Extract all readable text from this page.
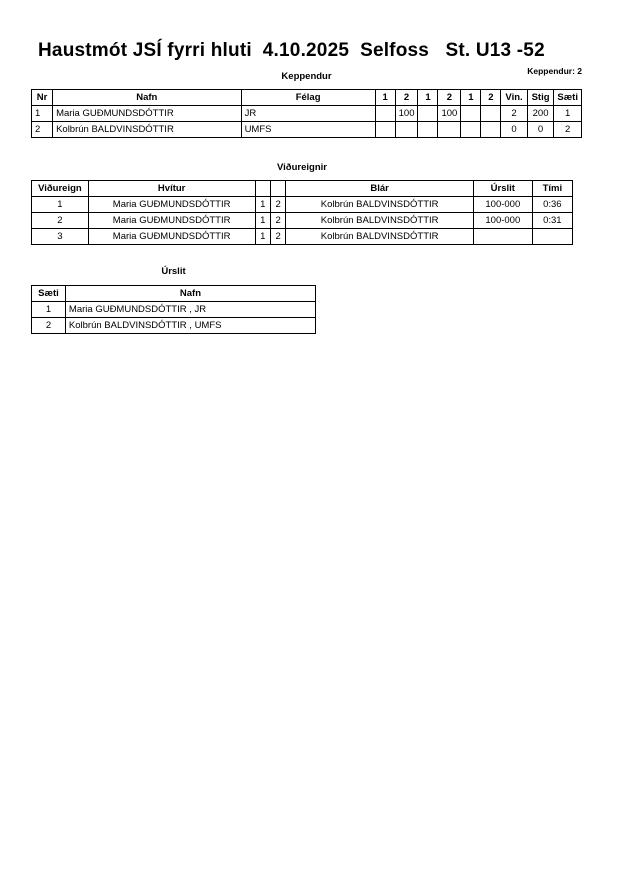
Haustmót JSÍ fyrri hluti  4.10.2025  Selfoss   St. U13 -52
Keppendur: 2
Keppendur
Nr	Nafn	Félag	1	2	1	2	1	2	Vin.	Stig	Sæti
1	Maria GUÐMUNDSDÓTTIR	JR		100		100			2	200	1
2	Kolbrún BALDVINSDÓTTIR	UMFS							0	0	2
Viðureignir
Viðureign	Hvítur			Blár	Úrslit	Tími
1	Maria GUÐMUNDSDÓTTIR	1	2	Kolbrún BALDVINSDÓTTIR	100-000	0:36
2	Maria GUÐMUNDSDÓTTIR	1	2	Kolbrún BALDVINSDÓTTIR	100-000	0:31
3	Maria GUÐMUNDSDÓTTIR	1	2	Kolbrún BALDVINSDÓTTIR		
Úrslit
Sæti	Nafn
1	Maria GUÐMUNDSDÓTTIR , JR
2	Kolbrún BALDVINSDÓTTIR , UMFS
